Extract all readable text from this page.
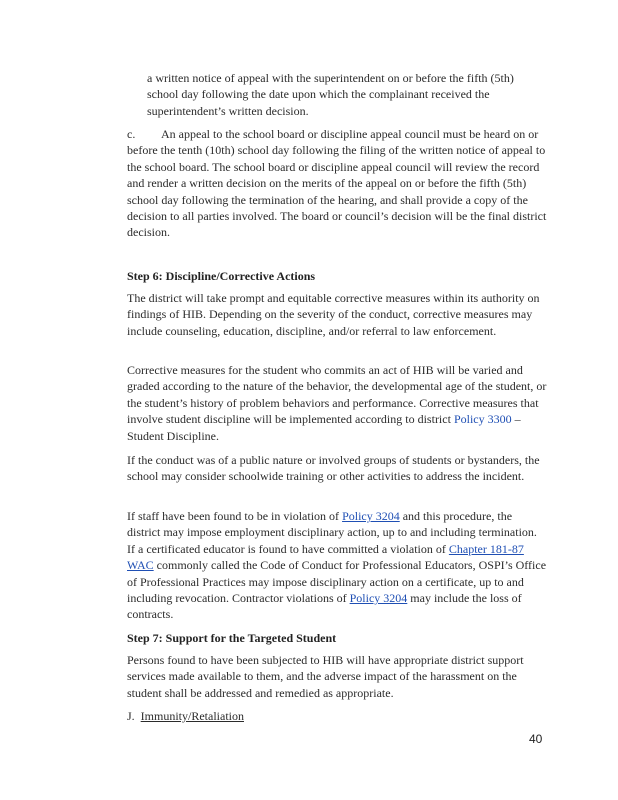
a written notice of appeal with the superintendent on or before the fifth (5th) school day following the date upon which the complainant received the superintendent’s written decision.

c. An appeal to the school board or discipline appeal council must be heard on or before the tenth (10th) school day following the filing of the written notice of appeal to the school board. The school board or discipline appeal council will review the record and render a written decision on the merits of the appeal on or before the fifth (5th) school day following the termination of the hearing, and shall provide a copy of the decision to all parties involved. The board or council’s decision will be the final district decision.

Step 6: Discipline/Corrective Actions

The district will take prompt and equitable corrective measures within its authority on findings of HIB. Depending on the severity of the conduct, corrective measures may include counseling, education, discipline, and/or referral to law enforcement.

Corrective measures for the student who commits an act of HIB will be varied and graded according to the nature of the behavior, the developmental age of the student, or the student’s history of problem behaviors and performance. Corrective measures that involve student discipline will be implemented according to district Policy 3300 – Student Discipline.

If the conduct was of a public nature or involved groups of students or bystanders, the school may consider schoolwide training or other activities to address the incident.

If staff have been found to be in violation of Policy 3204 and this procedure, the district may impose employment disciplinary action, up to and including termination. If a certificated educator is found to have committed a violation of Chapter 181-87 WAC commonly called the Code of Conduct for Professional Educators, OSPI’s Office of Professional Practices may impose disciplinary action on a certificate, up to and including revocation. Contractor violations of Policy 3204 may include the loss of contracts.

Step 7: Support for the Targeted Student

Persons found to have been subjected to HIB will have appropriate district support services made available to them, and the adverse impact of the harassment on the student shall be addressed and remedied as appropriate.

J. Immunity/Retaliation

40
